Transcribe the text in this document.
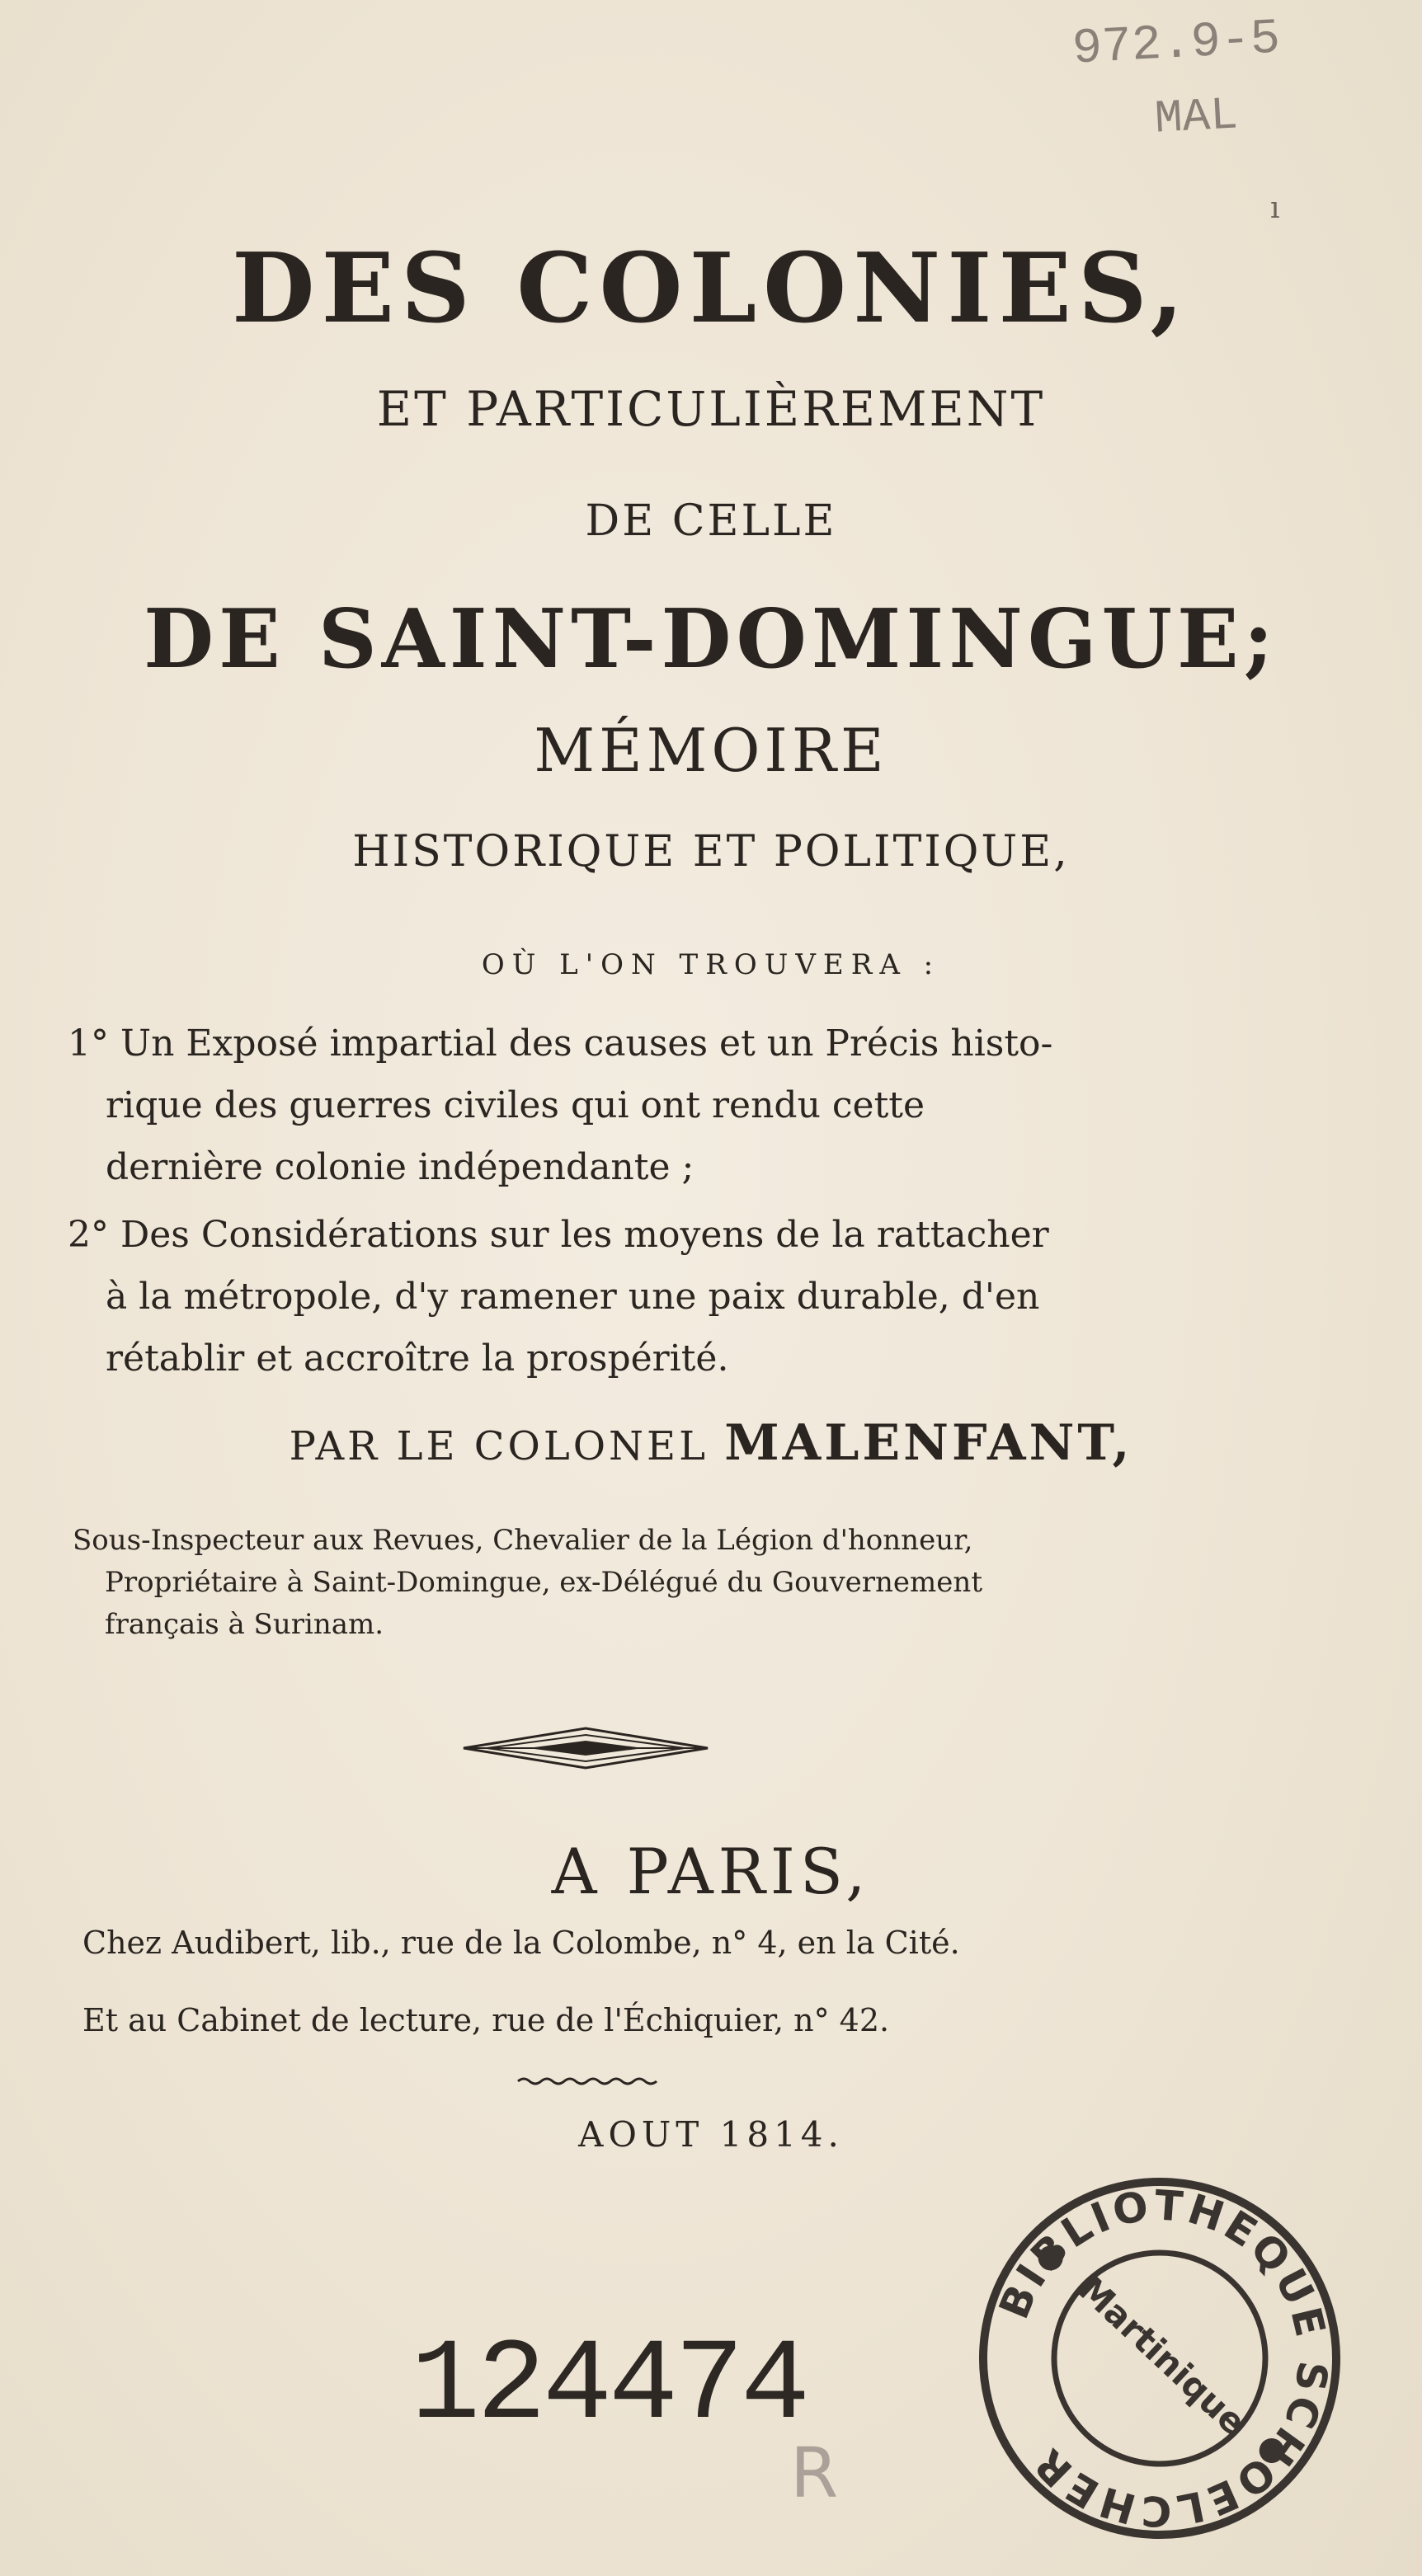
972.9-5
MAL
ı
DES COLONIES,
ET PARTICULIÈREMENT
DE CELLE
DE SAINT-DOMINGUE;
MÉMOIRE
HISTORIQUE ET POLITIQUE,
OÙ L'ON TROUVERA :
1° Un Exposé impartial des causes et un Précis histo-
rique des guerres civiles qui ont rendu cette dernière colonie indépendante ;
2° Des Considérations sur les moyens de la rattacher
à la métropole, d'y ramener une paix durable, d'en rétablir et accroître la prospérité.
PAR LE COLONEL MALENFANT,
Sous-Inspecteur aux Revues, Chevalier de la Légion d'honneur,
Propriétaire à Saint-Domingue, ex-Délégué du Gouvernement
français à Surinam.
A PARIS,
Chez Audibert, lib., rue de la Colombe, n° 4, en la Cité.
Et au Cabinet de lecture, rue de l'Échiquier, n° 42.
AOUT 1814.
BIBLIOTHEQUE SCHOELCHER
Martinique
124474
R
